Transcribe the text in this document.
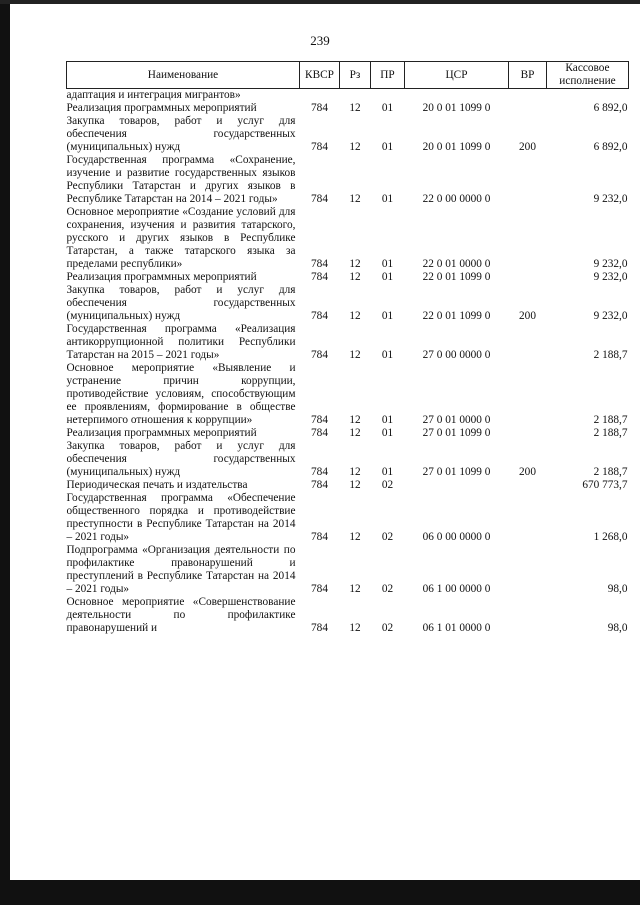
239
Наименование	КВСР	Рз	ПР	ЦСР	ВР	Кассовое исполнение
адаптация и интеграция мигрантов»						
Реализация программных мероприятий	784	12	01	20 0 01 1099 0		6 892,0
Закупка товаров, работ и услуг для обеспечения государственных (муниципальных) нужд	784	12	01	20 0 01 1099 0	200	6 892,0
Государственная программа «Сохранение, изучение и развитие государственных языков Республики Татарстан и других языков в Республике Татарстан на 2014 – 2021 годы»	784	12	01	22 0 00 0000 0		9 232,0
Основное мероприятие «Создание условий для сохранения, изучения и развития татарского, русского и других языков в Республике Татарстан, а также татарского языка за пределами республики»	784	12	01	22 0 01 0000 0		9 232,0
Реализация программных мероприятий	784	12	01	22 0 01 1099 0		9 232,0
Закупка товаров, работ и услуг для обеспечения государственных (муниципальных) нужд	784	12	01	22 0 01 1099 0	200	9 232,0
Государственная программа «Реализация антикоррупционной политики Республики Татарстан на 2015 – 2021 годы»	784	12	01	27 0 00 0000 0		2 188,7
Основное мероприятие «Выявление и устранение причин коррупции, противодействие условиям, способствующим ее проявлениям, формирование в обществе нетерпимого отношения к коррупции»	784	12	01	27 0 01 0000 0		2 188,7
Реализация программных мероприятий	784	12	01	27 0 01 1099 0		2 188,7
Закупка товаров, работ и услуг для обеспечения государственных (муниципальных) нужд	784	12	01	27 0 01 1099 0	200	2 188,7
Периодическая печать и издательства	784	12	02			670 773,7
Государственная программа «Обеспечение общественного порядка и противодействие преступности в Республике Татарстан на 2014 – 2021 годы»	784	12	02	06 0 00 0000 0		1 268,0
Подпрограмма «Организация деятельности по профилактике правонарушений и преступлений в Республике Татарстан на 2014 – 2021 годы»	784	12	02	06 1 00 0000 0		98,0
Основное мероприятие «Совершенствование деятельности по профилактике правонарушений и	784	12	02	06 1 01 0000 0		98,0
